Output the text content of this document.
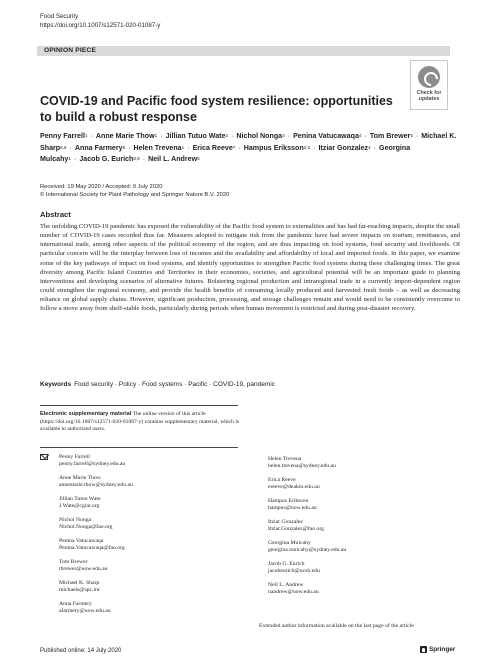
Food Security
https://doi.org/10.1007/s12571-020-01087-y
OPINION PIECE
Check for
updates
COVID-19 and Pacific food system resilience: opportunities to build a robust response
Penny Farrell$^1$ · Anne Marie Thow$^1$ · Jillian Tutuo Wate$^2$ · Nichol Nonga$^3$ · Penina Vatucawaqa$^4$ · Tom Brewer$^5$ · Michael K. Sharp$^{5,6}$ · Anna Farmery$^5$ · Helen Trevena$^1$ · Erica Reeve$^7$ · Hampus Eriksson$^{2,5}$ · Itziar Gonzalez$^4$ · Georgina Mulcahy$^1$ · Jacob G. Eurich$^{8,9}$ · Neil L. Andrew$^5$
Received: 19 May 2020 / Accepted: 9 July 2020
© International Society for Plant Pathology and Springer Nature B.V. 2020
Abstract

The unfolding COVID-19 pandemic has exposed the vulnerability of the Pacific food system to externalities and has had far-reaching impacts, despite the small number of COVID-19 cases recorded thus far. Measures adopted to mitigate risk from the pandemic have had severe impacts on tourism, remittances, and international trade, among other aspects of the political economy of the region, and are thus impacting on food systems, food security and livelihoods. Of particular concern will be the interplay between loss of incomes and the availability and affordability of local and imported foods. In this paper, we examine some of the key pathways of impact on food systems, and identify opportunities to strengthen Pacific food systems during these challenging times. The great diversity among Pacific Island Countries and Territories in their economies, societies, and agricultural potential will be an important guide to planning interventions and developing scenarios of alternative futures. Bolstering regional production and intraregional trade in a currently import-dependent region could strengthen the regional economy, and provide the health benefits of consuming locally produced and harvested fresh foods – as well as decreasing reliance on global supply chains. However, significant production, processing, and storage challenges remain and would need to be consistently overcome to follow a move away from shelf-stable foods, particularly during periods when human movement is restricted and during post-disaster recovery.

Keywords Food security · Policy · Food systems · Pacific · COVID-19, pandemic
Electronic supplementary material The online version of this article (https://doi.org/10.1007/s12571-020-01087-y) contains supplementary material, which is available to authorized users.
Penny Farrell
penny.farrell@sydney.edu.au
Anne Marie Thow
annemarie.thow@sydney.edu.au
Jillian Tutuo Wate
J.Wate@cgiar.org
Nichol Nonga
Nichol.Nonga@fao.org
Penina Vatucawaqa
Penina.Vatucawaqa@fao.org
Tom Brewer
tbrewer@uow.edu.au
Michael K. Sharp
michaels@spc.int
Anna Farmery
afarmery@uow.edu.au
Helen Trevena
helen.trevena@sydney.edu.au
Erica Reeve
ereeve@deakin.edu.au
Hampus Eriksson
hampus@uow.edu.au
Itziar Gonzalez
Itziar.Gonzalez@fao.org
Georgina Mulcahy
georgina.mulcahy@sydney.edu.au
Jacob G. Eurich
jacobeurich@ucsb.edu
Neil L. Andrew
nandrew@uow.edu.au
Extended author information available on the last page of the article
Published online: 14 July 2020	Springer
